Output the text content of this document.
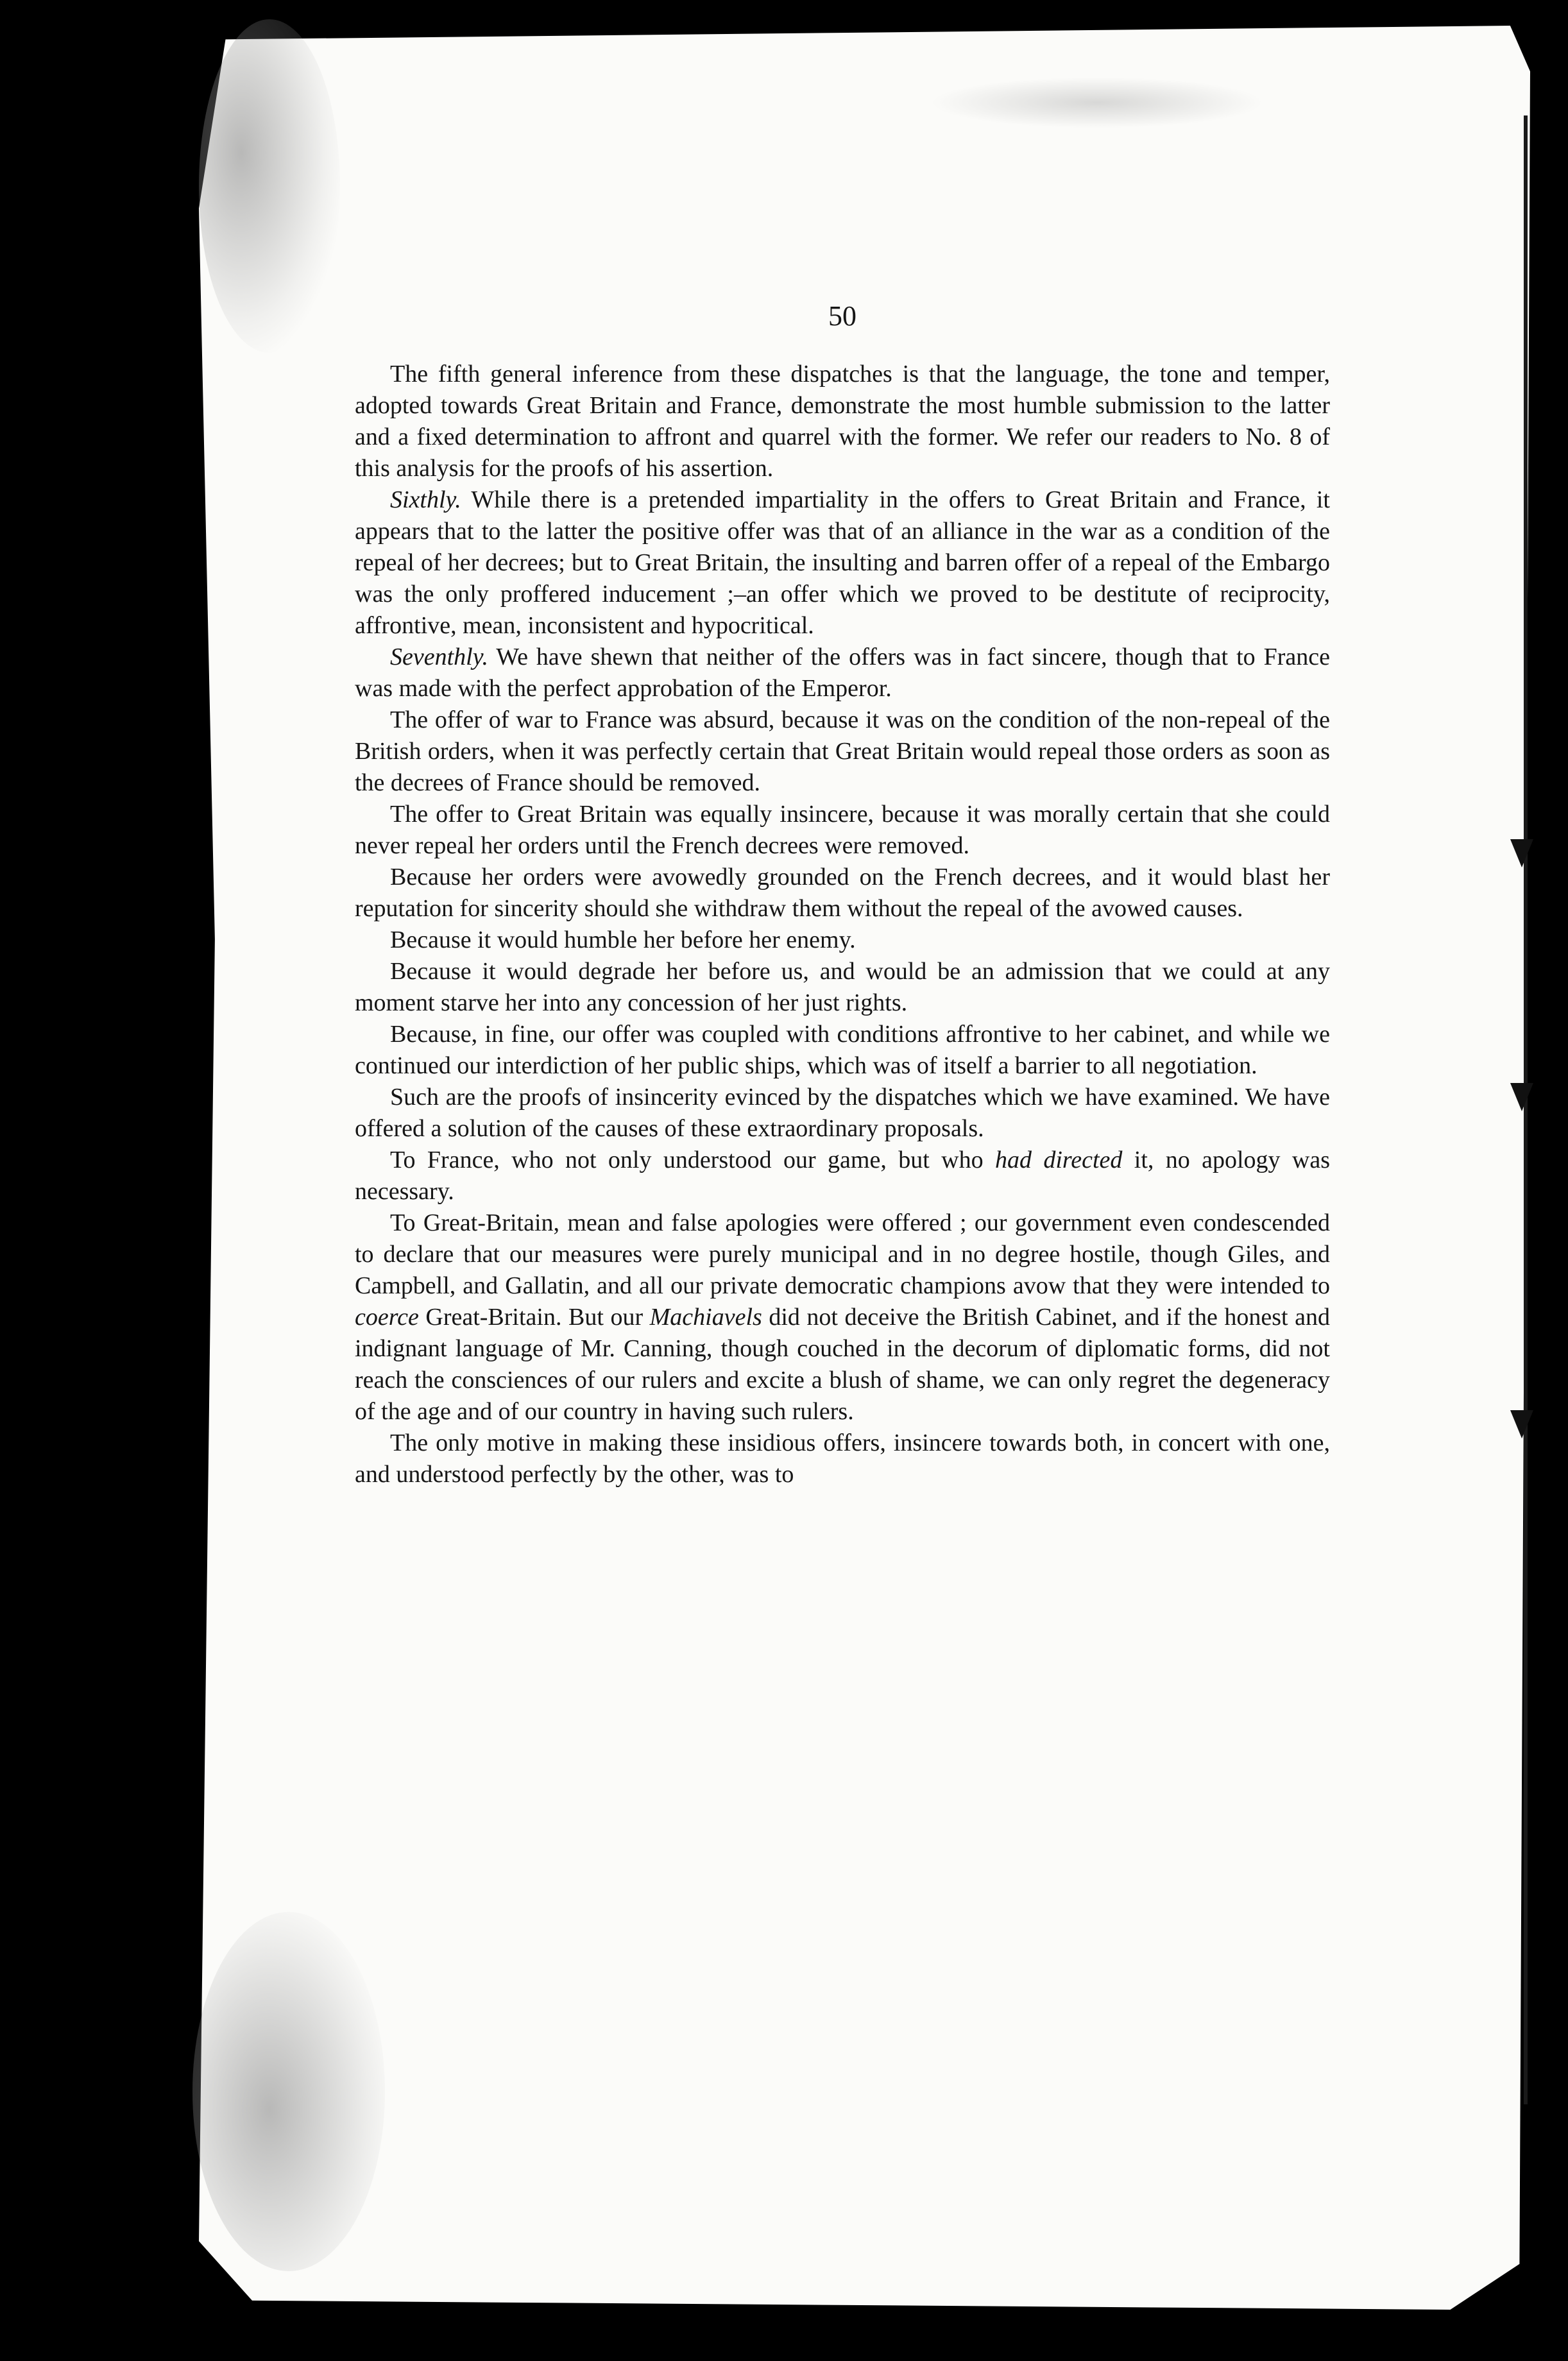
50

The fifth general inference from these dispatches is that the language, the tone and temper, adopted towards Great Britain and France, demonstrate the most humble submission to the latter and a fixed determination to affront and quarrel with the former. We refer our readers to No. 8 of this analysis for the proofs of his assertion.

Sixthly. While there is a pretended impartiality in the offers to Great Britain and France, it appears that to the latter the positive offer was that of an alliance in the war as a condition of the repeal of her decrees; but to Great Britain, the insulting and barren offer of a repeal of the Embargo was the only proffered inducement ;–an offer which we proved to be destitute of reciprocity, affrontive, mean, inconsistent and hypocritical.

Seventhly. We have shewn that neither of the offers was in fact sincere, though that to France was made with the perfect approbation of the Emperor.

The offer of war to France was absurd, because it was on the condition of the non-repeal of the British orders, when it was perfectly certain that Great Britain would repeal those orders as soon as the decrees of France should be removed.

The offer to Great Britain was equally insincere, because it was morally certain that she could never repeal her orders until the French decrees were removed.

Because her orders were avowedly grounded on the French decrees, and it would blast her reputation for sincerity should she withdraw them without the repeal of the avowed causes.

Because it would humble her before her enemy.

Because it would degrade her before us, and would be an admission that we could at any moment starve her into any concession of her just rights.

Because, in fine, our offer was coupled with conditions affrontive to her cabinet, and while we continued our interdiction of her public ships, which was of itself a barrier to all negotiation.

Such are the proofs of insincerity evinced by the dispatches which we have examined. We have offered a solution of the causes of these extraordinary proposals.

To France, who not only understood our game, but who had directed it, no apology was necessary.

To Great-Britain, mean and false apologies were offered ; our government even condescended to declare that our measures were purely municipal and in no degree hostile, though Giles, and Campbell, and Gallatin, and all our private democratic champions avow that they were intended to coerce Great-Britain. But our Machiavels did not deceive the British Cabinet, and if the honest and indignant language of Mr. Canning, though couched in the decorum of diplomatic forms, did not reach the consciences of our rulers and excite a blush of shame, we can only regret the degeneracy of the age and of our country in having such rulers.

The only motive in making these insidious offers, insincere towards both, in concert with one, and understood perfectly by the other, was to
